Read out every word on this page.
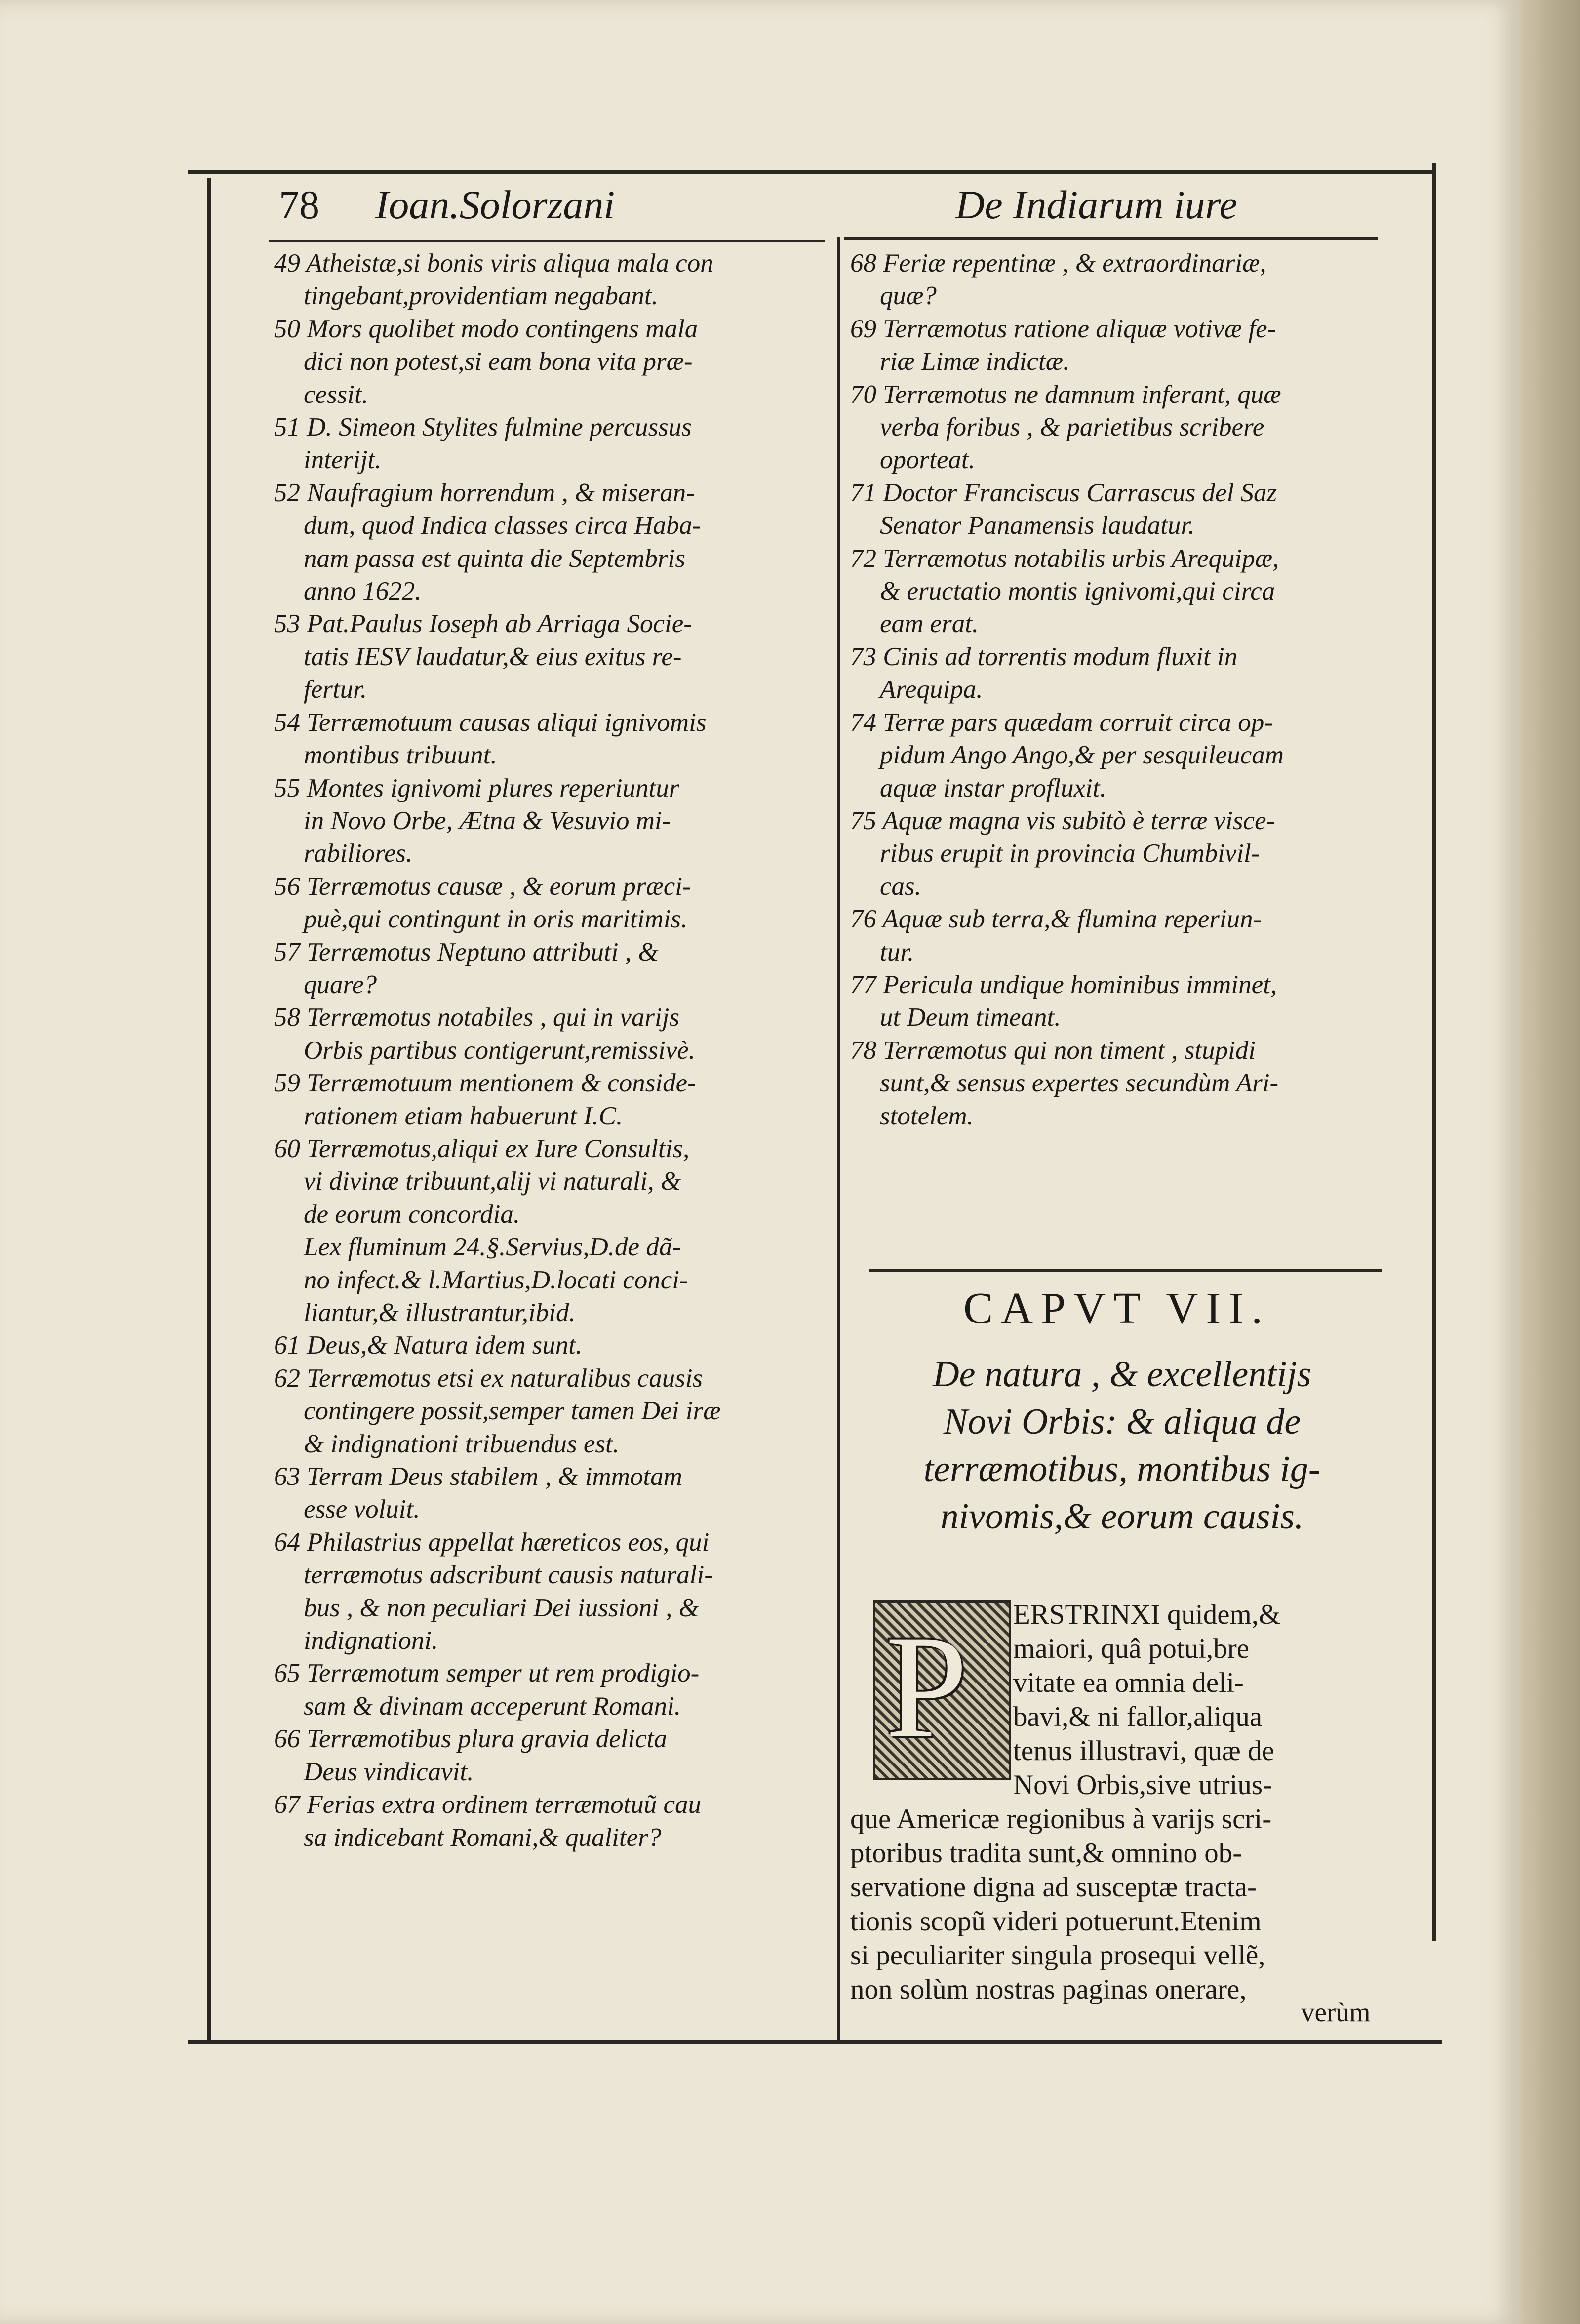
78 Ioan.Solorzani	De Indiarum iure
49 Atheistæ,si bonis viris aliqua mala con
tingebant,providentiam negabant.
50 Mors quolibet modo contingens mala
dici non potest,si eam bona vita præ-
cessit.
51 D. Simeon Stylites fulmine percussus
interijt.
52 Naufragium horrendum , & miseran-
dum, quod Indica classes circa Haba-
nam passa est quinta die Septembris
anno 1622.
53 Pat.Paulus Ioseph ab Arriaga Socie-
tatis IESV laudatur,& eius exitus re-
fertur.
54 Terræmotuum causas aliqui ignivomis
montibus tribuunt.
55 Montes ignivomi plures reperiuntur
in Novo Orbe, Ætna & Vesuvio mi-
rabiliores.
56 Terræmotus causæ , & eorum præci-
puè,qui contingunt in oris maritimis.
57 Terræmotus Neptuno attributi , &
quare?
58 Terræmotus notabiles , qui in varijs
Orbis partibus contigerunt,remissivè.
59 Terræmotuum mentionem & conside-
rationem etiam habuerunt I.C.
60 Terræmotus,aliqui ex Iure Consultis,
vi divinæ tribuunt,alij vi naturali, &
de eorum concordia.
Lex fluminum 24.§.Servius,D.de dã-
no infect.& l.Martius,D.locati conci-
liantur,& illustrantur,ibid.
61 Deus,& Natura idem sunt.
62 Terræmotus etsi ex naturalibus causis
contingere possit,semper tamen Dei iræ
& indignationi tribuendus est.
63 Terram Deus stabilem , & immotam
esse voluit.
64 Philastrius appellat hæreticos eos, qui
terræmotus adscribunt causis naturali-
bus , & non peculiari Dei iussioni , &
indignationi.
65 Terræmotum semper ut rem prodigio-
sam & divinam acceperunt Romani.
66 Terræmotibus plura gravia delicta
Deus vindicavit.
67 Ferias extra ordinem terræmotuũ cau
sa indicebant Romani,& qualiter?
68 Feriæ repentinæ , & extraordinariæ,
quæ?
69 Terræmotus ratione aliquæ votivæ fe-
riæ Limæ indictæ.
70 Terræmotus ne damnum inferant, quæ
verba foribus , & parietibus scribere
oporteat.
71 Doctor Franciscus Carrascus del Saz
Senator Panamensis laudatur.
72 Terræmotus notabilis urbis Arequipæ,
& eructatio montis ignivomi,qui circa
eam erat.
73 Cinis ad torrentis modum fluxit in
Arequipa.
74 Terræ pars quædam corruit circa op-
pidum Ango Ango,& per sesquileucam
aquæ instar profluxit.
75 Aquæ magna vis subitò è terræ visce-
ribus erupit in provincia Chumbivil-
cas.
76 Aquæ sub terra,& flumina reperiun-
tur.
77 Pericula undique hominibus imminet,
ut Deum timeant.
78 Terræmotus qui non timent , stupidi
sunt,& sensus expertes secundùm Ari-
stotelem.
CAPVT VII.
De natura , & excellentijs
Novi Orbis: & aliqua de
terræmotibus, montibus ig-
nivomis,& eorum causis.
P	ERSTRINXI quidem,&
maiori, quâ potui,bre
vitate ea omnia deli-
bavi,& ni fallor,aliqua
tenus illustravi, quæ de
Novi Orbis,sive utrius-
que Americæ regionibus à varijs scri-
ptoribus tradita sunt,& omnino ob-
servatione digna ad susceptæ tracta-
tionis scopũ videri potuerunt.Etenim
si peculiariter singula prosequi vellẽ,
non solùm nostras paginas onerare,
verùm
